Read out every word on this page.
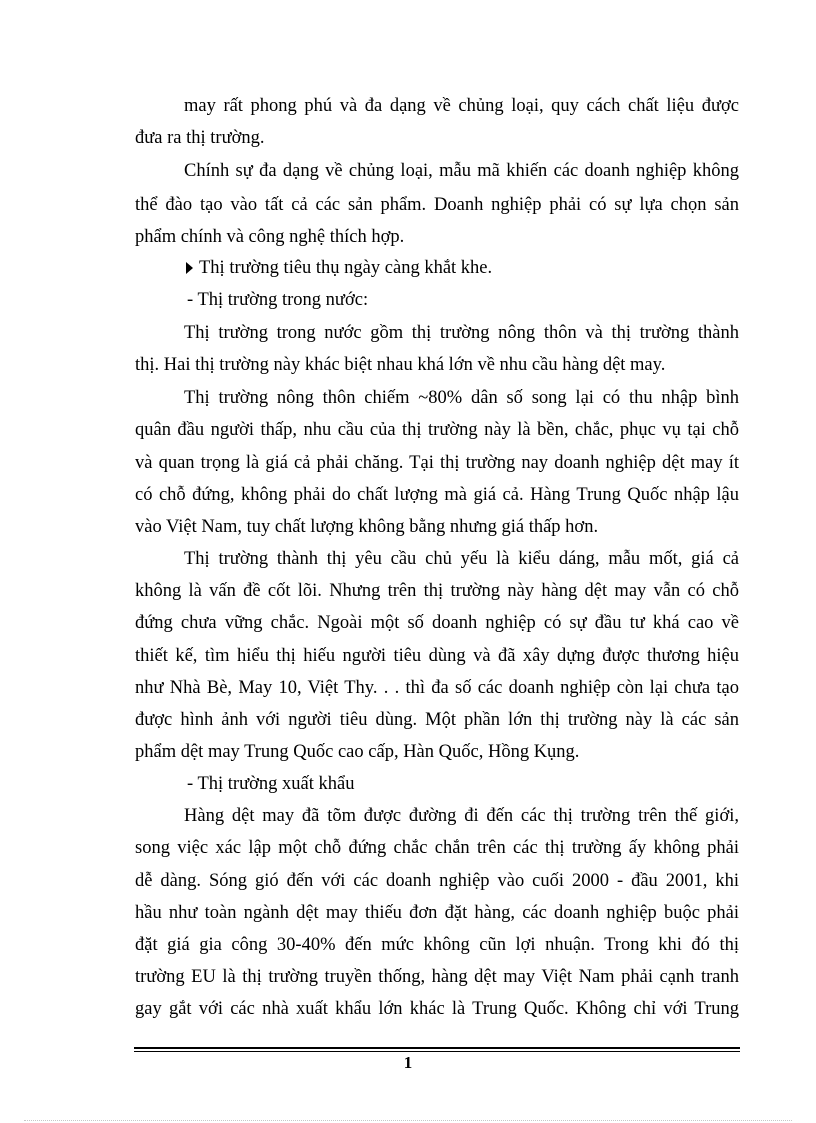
may rất phong phú và đa dạng về chủng loại, quy cách chất liệu được

đưa ra thị trường.

Chính sự đa dạng về chủng loại, mẫu mã khiến các doanh nghiệp không

thể đào tạo vào tất cả các sản phẩm. Doanh nghiệp phải có sự lựa chọn sản

phẩm chính và công nghệ thích hợp.

Thị trường tiêu thụ ngày càng khắt khe.

- Thị trường trong nước:

Thị trường trong nước gồm thị trường nông thôn và thị trường thành

thị. Hai thị trường này khác biệt nhau khá lớn về nhu cầu hàng dệt may.

Thị trường nông thôn chiếm ~80% dân số song lại có thu nhập bình

quân đầu người thấp, nhu cầu của thị trường này là bền, chắc, phục vụ tại chỗ

và quan trọng là giá cả phải chăng. Tại thị trường nay doanh nghiệp dệt may ít

có chỗ đứng, không phải do chất lượng mà giá cả. Hàng Trung Quốc nhập lậu

vào Việt Nam, tuy chất lượng không bằng nhưng giá thấp hơn.

Thị trường thành thị yêu cầu chủ yếu là kiểu dáng, mẫu mốt, giá cả

không là vấn đề cốt lõi. Nhưng trên thị trường này hàng dệt may vẫn có chỗ

đứng chưa vững chắc. Ngoài một số doanh nghiệp có sự đầu tư khá cao về

thiết kế, tìm hiểu thị hiếu người tiêu dùng và đã xây dựng được thương hiệu

như Nhà Bè, May 10, Việt Thy. . . thì đa số các doanh nghiệp còn lại chưa tạo

được hình ảnh với người tiêu dùng. Một phần lớn thị trường này là các sản

phẩm dệt may Trung Quốc cao cấp, Hàn Quốc, Hồng Kụng.

- Thị trường xuất khẩu

Hàng dệt may đã tõm được đường đi đến các thị trường trên thế giới,

song việc xác lập một chỗ đứng chắc chắn trên các thị trường ấy không phải

dễ dàng. Sóng gió đến với các doanh nghiệp vào cuối 2000 - đầu 2001, khi

hầu như toàn ngành dệt may thiếu đơn đặt hàng, các doanh nghiệp buộc phải

đặt giá gia công 30-40% đến mức không cũn lợi nhuận. Trong khi đó thị

trường EU là thị trường truyền thống, hàng dệt may Việt Nam phải cạnh tranh

gay gắt với các nhà xuất khẩu lớn khác là Trung Quốc. Không chỉ với Trung

1
